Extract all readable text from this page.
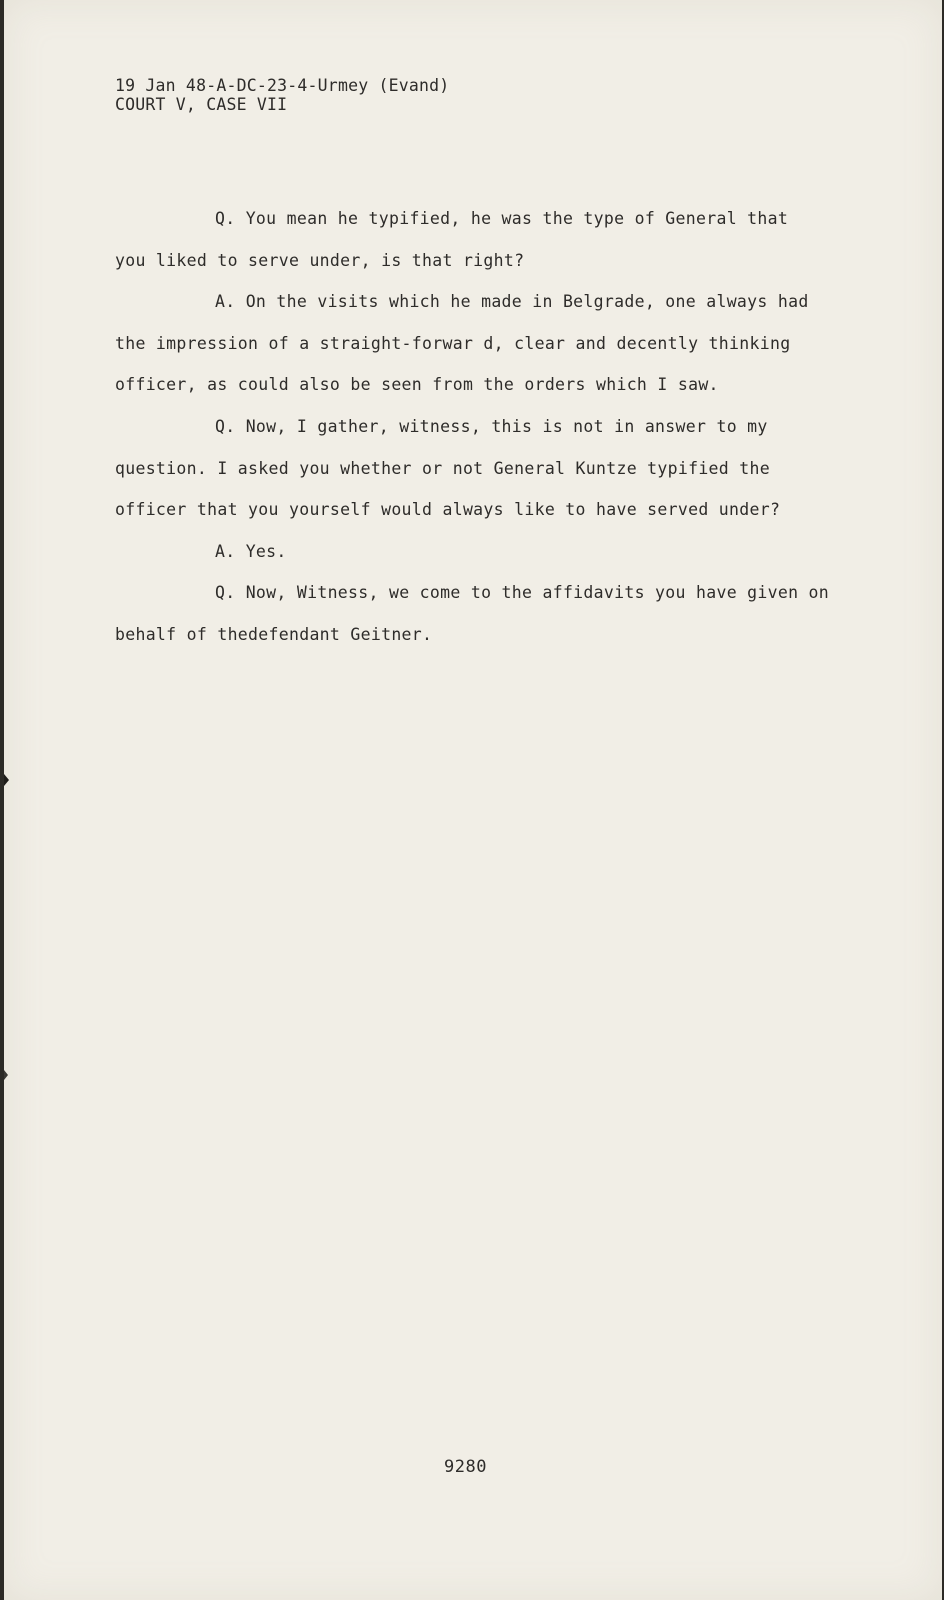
19 Jan 48-A-DC-23-4-Urmey (Evand)
COURT V, CASE VII
Q. You mean he typified, he was the type of General that
you liked to serve under, is that right?
A. On the visits which he made in Belgrade, one always had
the impression of a straight-forwar d, clear and decently thinking
officer, as could also be seen from the orders which I saw.
Q. Now, I gather, witness, this is not in answer to my
question. I asked you whether or not General Kuntze typified the
officer that you yourself would always like to have served under?
A. Yes.
Q. Now, Witness, we come to the affidavits you have given on
behalf of thedefendant Geitner.
9280
